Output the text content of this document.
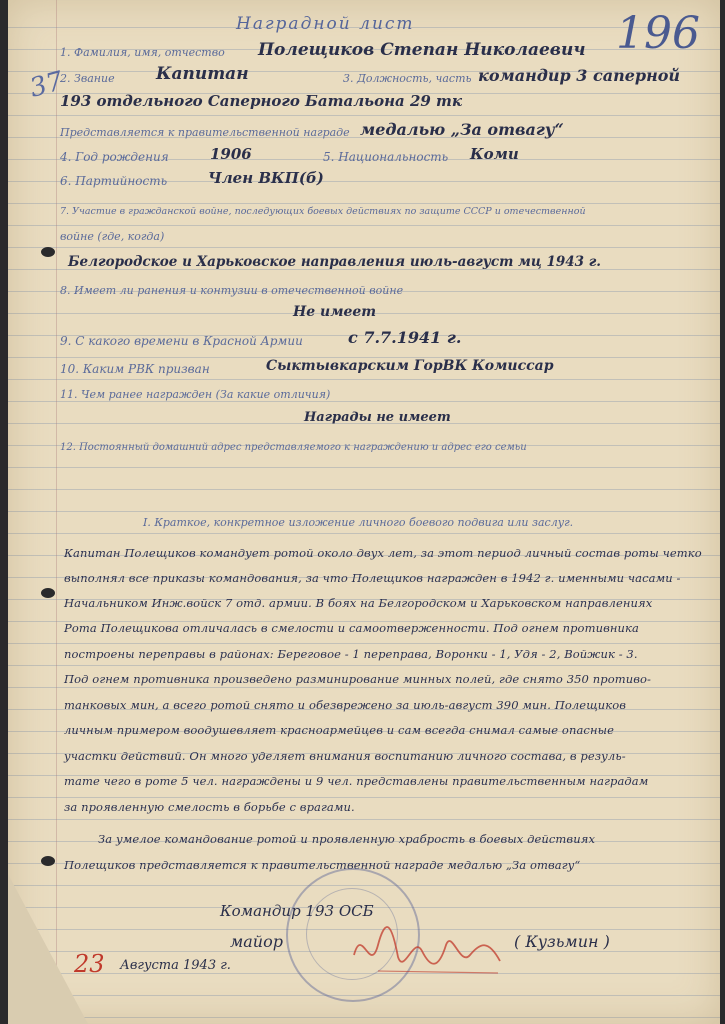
Наградной лист	196
37
1. Фамилия, имя, отчество Полещиков Степан Николаевич
2. Звание Капитан	3. Должность, часть командир 3 саперной
193 отдельного Саперного Батальона 29 тк
Представляется к правительственной награде медалью „За отвагу“
4. Год рождения	1906	5. Национальность Коми
6. Партийность	Член ВКП(б)
7. Участие в гражданской войне, последующих боевых действиях по защите СССР и отечественной
войне (где, когда)
Белгородское и Харьковское направления июль-август мц 1943 г.
8. Имеет ли ранения и контузии в отечественной войне
Не имеет
9. С какого времени в Красной Армии	с 7.7.1941 г.
10. Каким РВК призван	Сыктывкарским ГорВК Комиссар
11. Чем ранее награжден (За какие отличия)
Награды не имеет
12. Постоянный домашний адрес представляемого к награждению и адрес его семьи
I. Краткое, конкретное изложение личного боевого подвига или заслуг.
Капитан Полещиков командует ротой около двух лет, за этот период личный состав роты четко
выполнял все приказы командования, за что Полещиков награжден в 1942 г. именными часами -
Начальником Инж.войск 7 отд. армии. В боях на Белгородском и Харьковском направлениях
Рота Полещикова отличалась в смелости и самоотверженности. Под огнем противника
построены переправы в районах: Береговое - 1 переправа, Воронки - 1, Удя - 2, Войжик - 3.
Под огнем противника произведено разминирование минных полей, где снято 350 противо-
танковых мин, а всего ротой снято и обезврежено за июль-август 390 мин. Полещиков
личным примером воодушевляет красноармейцев и сам всегда снимал самые опасные
участки действий. Он много уделяет внимания воспитанию личного состава, в резуль-
тате чего в роте 5 чел. награждены и 9 чел. представлены правительственным наградам
за проявленную смелость в борьбе с врагами.
За умелое командование ротой и проявленную храбрость в боевых действиях
Полещиков представляется к правительственной награде медалью „За отвагу“
Командир 193 ОСБ
майор	( Кузьмин )
23 Августа 1943 г.
